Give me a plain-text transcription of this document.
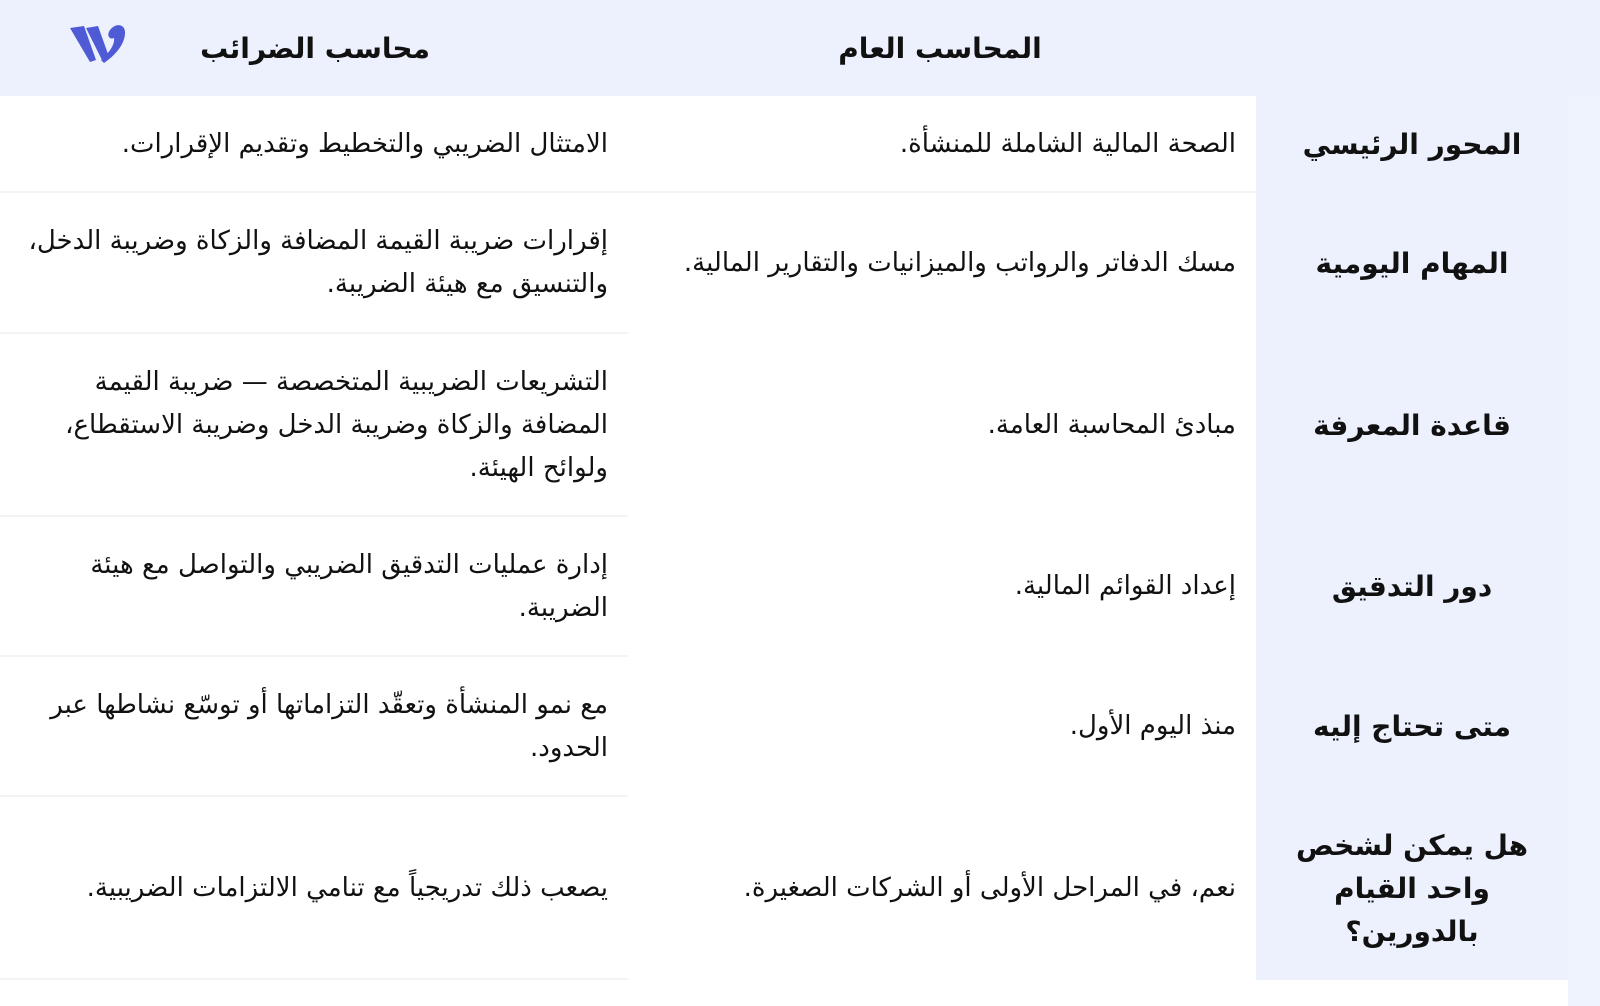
محاسب الضرائب	المحاسب العام
المحور الرئيسي
الصحة المالية الشاملة للمنشأة.
الامتثال الضريبي والتخطيط وتقديم الإقرارات.
المهام اليومية
مسك الدفاتر والرواتب والميزانيات والتقارير المالية.
إقرارات ضريبة القيمة المضافة والزكاة وضريبة الدخل، والتنسيق مع هيئة الضريبة.
قاعدة المعرفة
مبادئ المحاسبة العامة.
التشريعات الضريبية المتخصصة — ضريبة القيمة المضافة والزكاة وضريبة الدخل وضريبة الاستقطاع، ولوائح الهيئة.
دور التدقيق
إعداد القوائم المالية.
إدارة عمليات التدقيق الضريبي والتواصل مع هيئة الضريبة.
متى تحتاج إليه
منذ اليوم الأول.
مع نمو المنشأة وتعقّد التزاماتها أو توسّع نشاطها عبر الحدود.
هل يمكن لشخص واحد القيام بالدورين؟
نعم، في المراحل الأولى أو الشركات الصغيرة.
يصعب ذلك تدريجياً مع تنامي الالتزامات الضريبية.
